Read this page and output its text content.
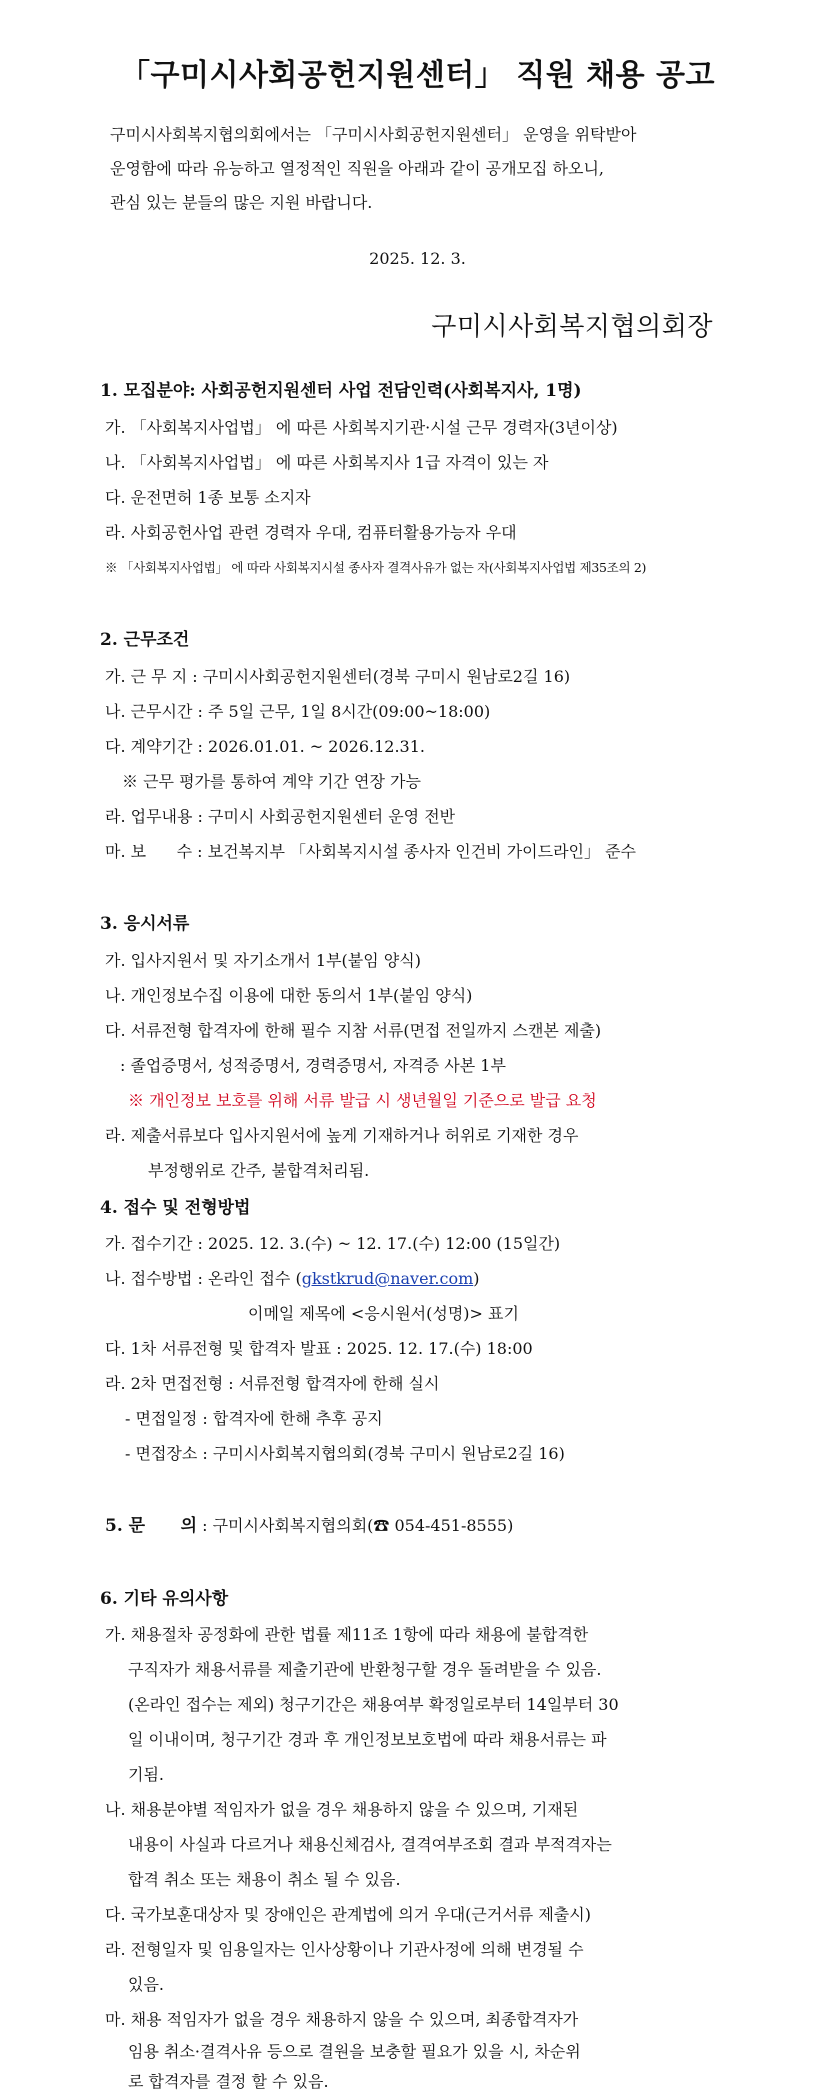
「구미시사회공헌지원센터」 직원 채용 공고
구미시사회복지협의회에서는 「구미시사회공헌지원센터」 운영을 위탁받아
운영함에 따라 유능하고 열정적인 직원을 아래과 같이 공개모집 하오니,
관심 있는 분들의 많은 지원 바랍니다.
2025. 12. 3.
구미시사회복지협의회장
1. 모집분야: 사회공헌지원센터 사업 전담인력(사회복지사, 1명)
가. 「사회복지사업법」 에 따른 사회복지기관·시설 근무 경력자(3년이상)
나. 「사회복지사업법」 에 따른 사회복지사 1급 자격이 있는 자
다. 운전면허 1종 보통 소지자
라. 사회공헌사업 관련 경력자 우대, 컴퓨터활용가능자 우대
※ 「사회복지사업법」 에 따라 사회복지시설 종사자 결격사유가 없는 자(사회복지사업법 제35조의 2)
2. 근무조건
가. 근 무 지 : 구미시사회공헌지원센터(경북 구미시 원남로2길 16)
나. 근무시간 : 주 5일 근무, 1일 8시간(09:00~18:00)
다. 계약기간 : 2026.01.01. ~ 2026.12.31.
※ 근무 평가를 통하여 계약 기간 연장 가능
라. 업무내용 : 구미시 사회공헌지원센터 운영 전반
마. 보      수 : 보건복지부 「사회복지시설 종사자 인건비 가이드라인」 준수
3. 응시서류
가. 입사지원서 및 자기소개서 1부(붙임 양식)
나. 개인정보수집 이용에 대한 동의서 1부(붙임 양식)
다. 서류전형 합격자에 한해 필수 지참 서류(면접 전일까지 스캔본 제출)
: 졸업증명서, 성적증명서, 경력증명서, 자격증 사본 1부
※ 개인정보 보호를 위해 서류 발급 시 생년월일 기준으로 발급 요청
라. 제출서류보다 입사지원서에 높게 기재하거나 허위로 기재한 경우
부정행위로 간주, 불합격처리됨.
4. 접수 및 전형방법
가. 접수기간 : 2025. 12. 3.(수) ~ 12. 17.(수) 12:00 (15일간)
나. 접수방법 : 온라인 접수 (gkstkrud@naver.com)
이메일 제목에 <응시원서(성명)> 표기
다. 1차 서류전형 및 합격자 발표 : 2025. 12. 17.(수) 18:00
라. 2차 면접전형 : 서류전형 합격자에 한해 실시
- 면접일정 : 합격자에 한해 추후 공지
- 면접장소 : 구미시사회복지협의회(경북 구미시 원남로2길 16)
5. 문      의 : 구미시사회복지협의회(☎ 054-451-8555)
6. 기타 유의사항
가. 채용절차 공정화에 관한 법률 제11조 1항에 따라 채용에 불합격한
구직자가 채용서류를 제출기관에 반환청구할 경우 돌려받을 수 있음.
(온라인 접수는 제외) 청구기간은 채용여부 확정일로부터 14일부터 30
일 이내이며, 청구기간 경과 후 개인정보보호법에 따라 채용서류는 파
기됨.
나. 채용분야별 적임자가 없을 경우 채용하지 않을 수 있으며, 기재된
내용이 사실과 다르거나 채용신체검사, 결격여부조회 결과 부적격자는
합격 취소 또는 채용이 취소 될 수 있음.
다. 국가보훈대상자 및 장애인은 관계법에 의거 우대(근거서류 제출시)
라. 전형일자 및 임용일자는 인사상황이나 기관사정에 의해 변경될 수
있음.
마. 채용 적임자가 없을 경우 채용하지 않을 수 있으며, 최종합격자가
임용 취소·결격사유 등으로 결원을 보충할 필요가 있을 시, 차순위
로 합격자를 결정 할 수 있음.
